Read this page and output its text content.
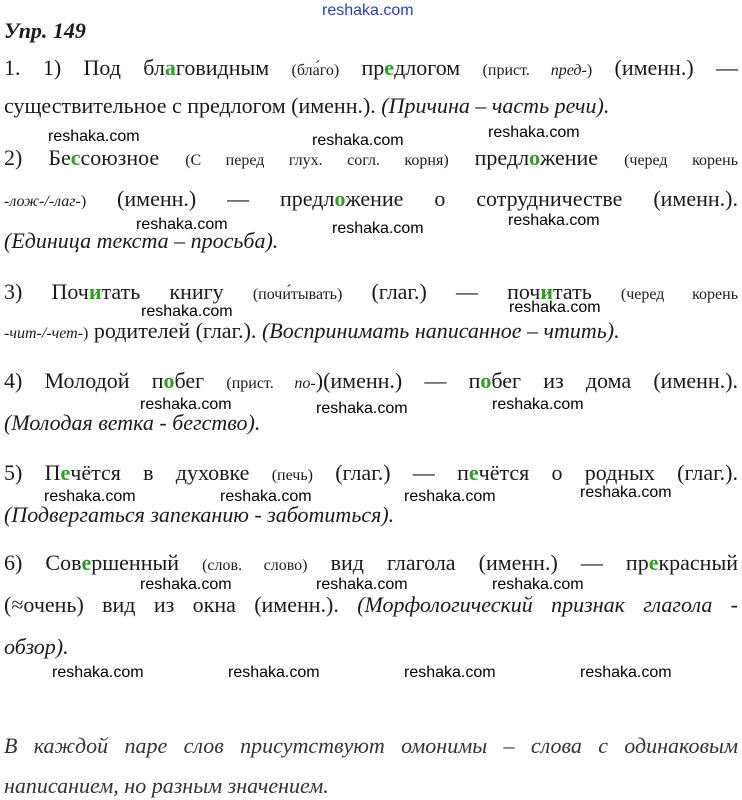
reshaka.com
Упр. 149
1. 1) Под благовидным (бла́го) предлогом (прист. пред-) (именн.) —
существительное с предлогом (именн.). (Причина – часть речи).
2) Бессоюзное (С перед глух. согл. корня) предложение (черед корень
-лож-/-лаг-) (именн.) — предложение о сотрудничестве (именн.).
(Единица текста – просьба).
3) Почитать книгу (почи́тывать) (глаг.) — почитать (черед корень
-чит-/-чет-) родителей (глаг.). (Воспринимать написанное – чтить).
4) Молодой побег (прист. по-)(именн.) — побег из дома (именн.).
(Молодая ветка - бегство).
5) Печётся в духовке (печь) (глаг.) — печётся о родных (глаг.).
(Подвергаться запеканию - заботиться).
6) Совершенный (слов. слово) вид глагола (именн.) — прекрасный
(≈очень) вид из окна (именн.). (Морфологический признак глагола -
обзор).
В каждой паре слов присутствуют омонимы – слова с одинаковым
написанием, но разным значением.
reshaka.com	reshaka.com	reshaka.com
reshaka.com	reshaka.com	reshaka.com
reshaka.com	reshaka.com
reshaka.com	reshaka.com	reshaka.com
reshaka.com	reshaka.com	reshaka.com	reshaka.com
reshaka.com	reshaka.com	reshaka.com
reshaka.com	reshaka.com	reshaka.com	reshaka.com
